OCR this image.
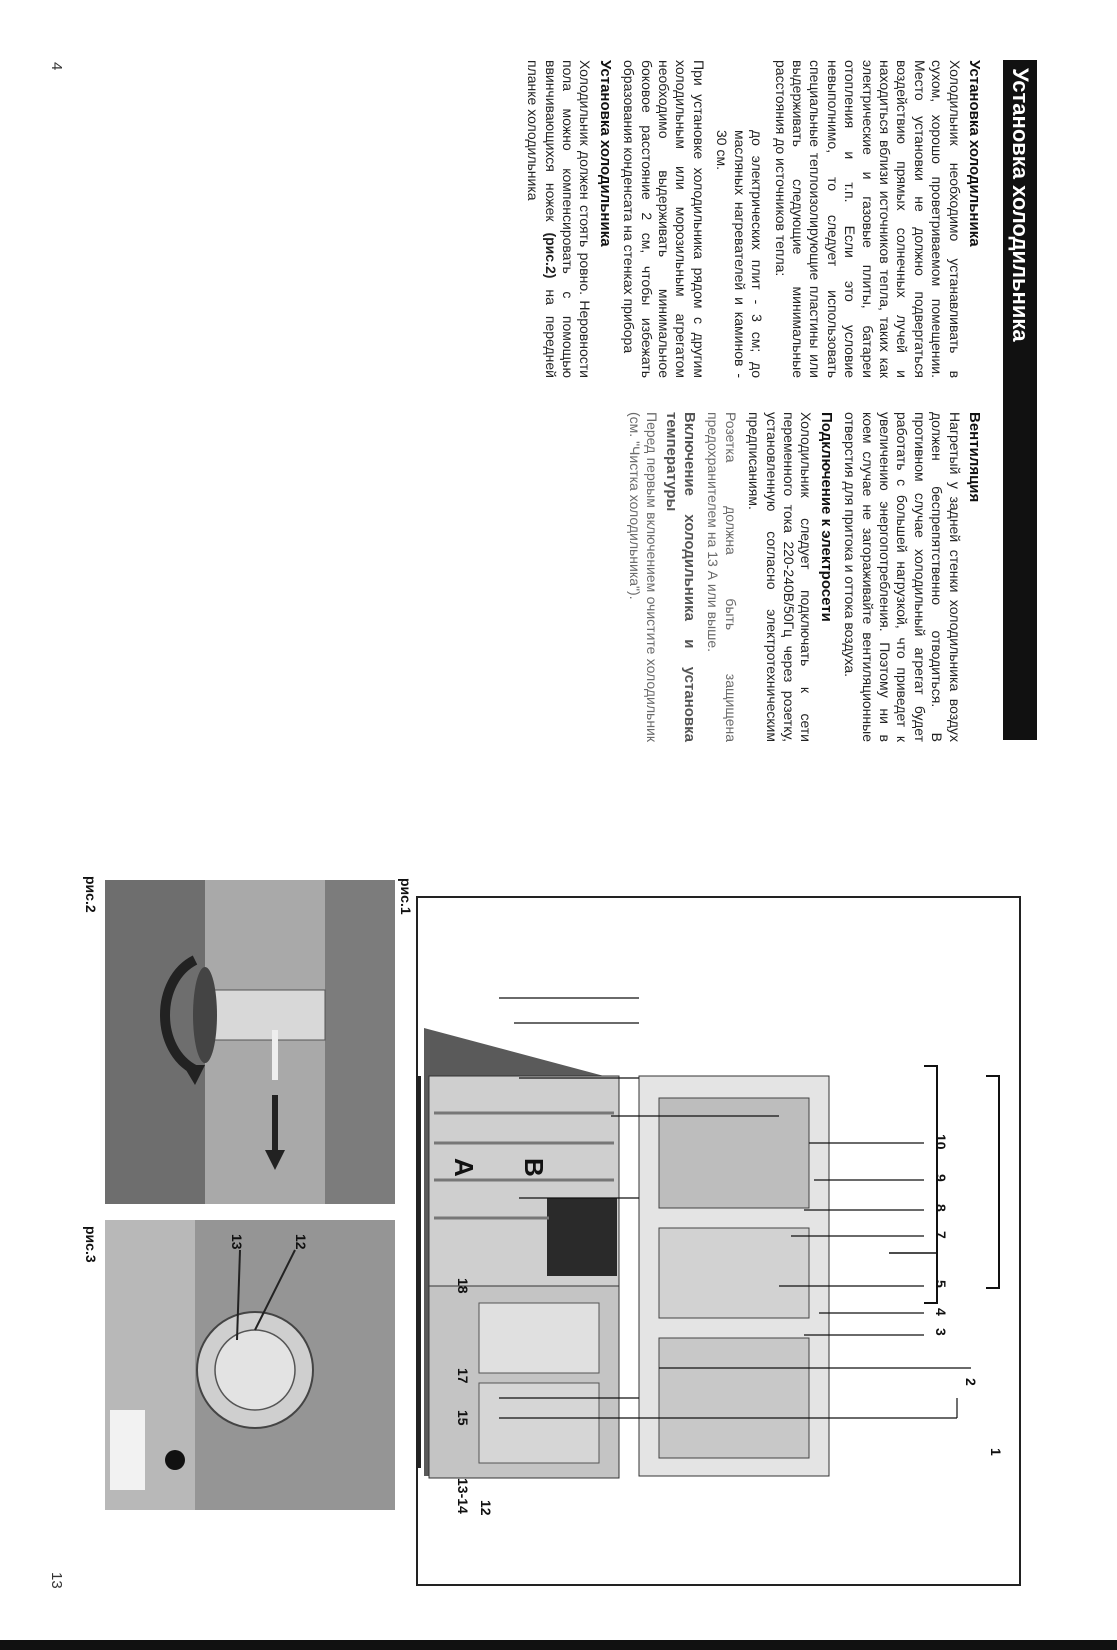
4
13
Установка холодильника
Установка холодильника

Холодильник необходимо устанавливать в сухом, хорошо проветриваемом помещении. Место установки не должно подвергаться воздействию прямых солнечных лучей и находиться вблизи источников тепла, таких как электрические и газовые плиты, батареи отопления и т.п. Если это условие невыполнимо, то следует использовать специальные теплоизолирующие пластины или выдерживать следующие минимальные расстояния до источников тепла:

до электрических плит - 3 см; до масляных нагревателей и каминов - 30 см.

При установке холодильника рядом с другим холодильным или морозильным агрегатом необходимо выдерживать минимальное боковое расстояние 2 см, чтобы избежать образования конденсата на стенках прибора

Установка холодильника

Холодильник должен стоять ровно. Неровности пола можно компенсировать с помощью ввинчивающихся ножек (рис.2) на передней планке холодильника

Вентиляция

Нагретый у задней стенки холодильника воздух должен беспрепятственно отводиться. В противном случае холодильный агрегат будет работать с большей нагрузкой, что приведет к увеличению энергопотребления. Поэтому ни в коем случае не загораживайте вентиляционные отверстия для притока и оттока воздуха.

Подключение к электросети

Холодильник следует подключать к сети переменного тока 220-240В/50Гц через розетку, установленную согласно электротехническим предписаниям.

Розетка должна быть защищена предохранителем на 13 А или выше.

Включение холодильника и установка температуры

Перед первым включением очистите холодильник (см. "Чистка холодильника").

A B
1
2
3
4
5
7
8
9
10
12
13-14
15
17
18
рис.1
рис.2
рис.3	12
13
